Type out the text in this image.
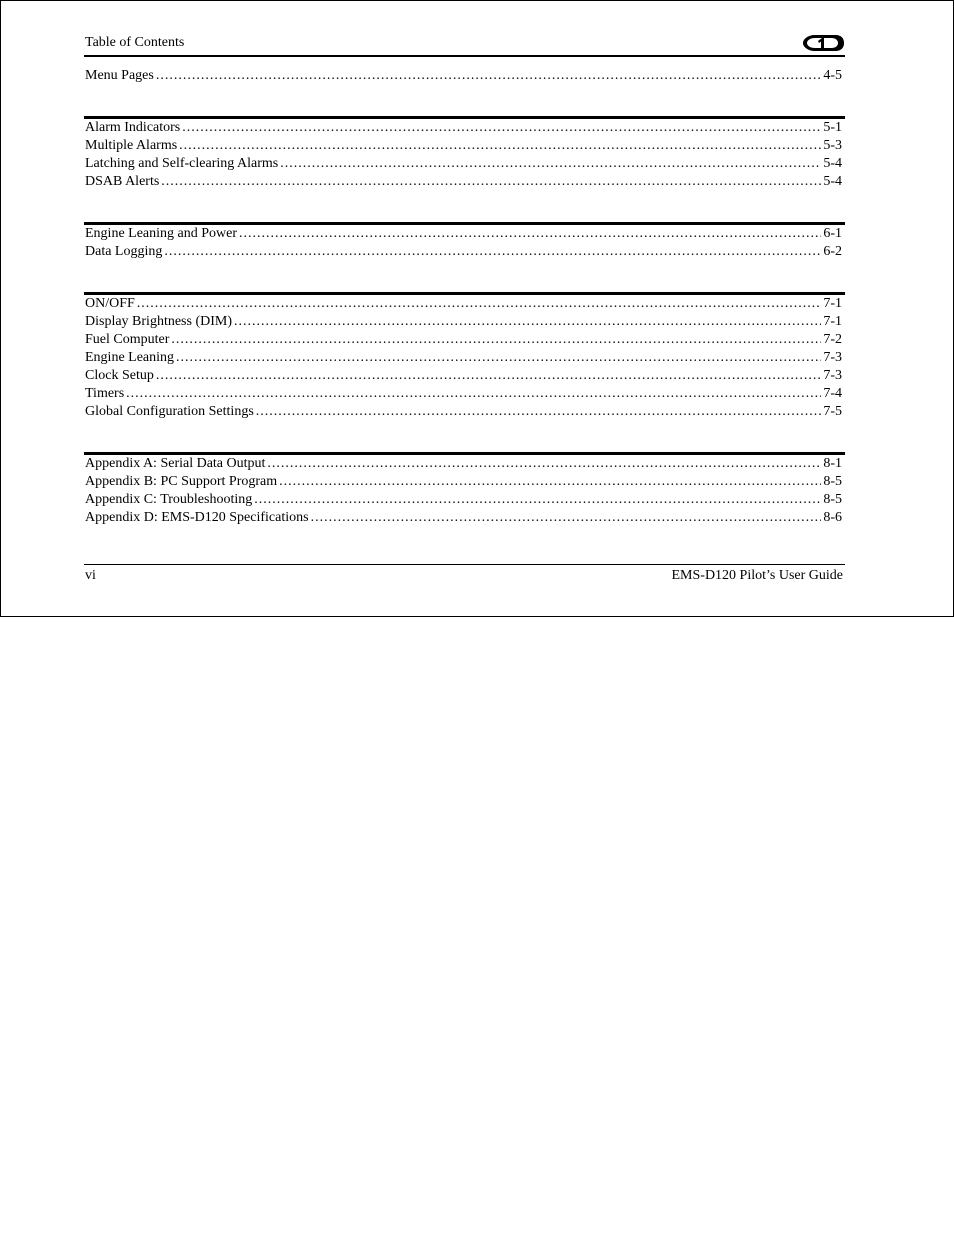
Table of Contents
Menu Pages .....	4-5
Alarm Indicators .....	5-1
Multiple Alarms .....	5-3
Latching and Self-clearing Alarms .....	5-4
DSAB Alerts .....	5-4
Engine Leaning and Power .....	6-1
Data Logging .....	6-2
ON/OFF .....	7-1
Display Brightness (DIM) .....	7-1
Fuel Computer .....	7-2
Engine Leaning .....	7-3
Clock Setup .....	7-3
Timers .....	7-4
Global Configuration Settings .....	7-5
Appendix A: Serial Data Output .....	8-1
Appendix B: PC Support Program .....	8-5
Appendix C: Troubleshooting .....	8-5
Appendix D: EMS-D120 Specifications .....	8-6
vi	EMS-D120 Pilot’s User Guide
